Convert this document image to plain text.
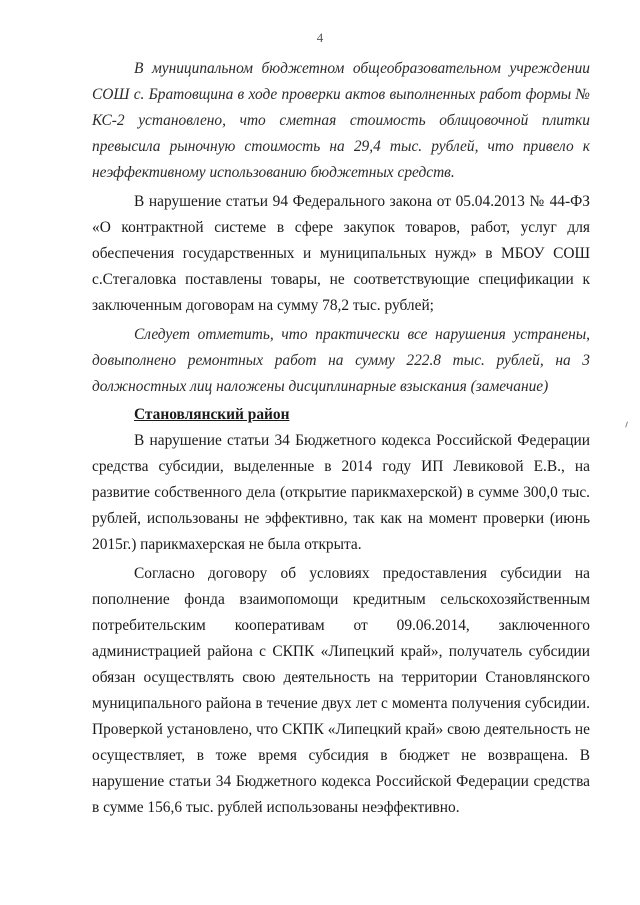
4

В муниципальном бюджетном общеобразовательном учреждении СОШ с. Братовщина в ходе проверки актов выполненных работ формы № КС-2 установлено, что сметная стоимость облицовочной плитки превысила рыночную стоимость на 29,4 тыс. рублей, что привело к неэффективному использованию бюджетных средств.

В нарушение статьи 94 Федерального закона от 05.04.2013 № 44-ФЗ «О контрактной системе в сфере закупок товаров, работ, услуг для обеспечения государственных и муниципальных нужд» в МБОУ СОШ с.Стегаловка поставлены товары, не соответствующие спецификации к заключенным договорам на сумму 78,2 тыс. рублей;

Следует отметить, что практически все нарушения устранены, довыполнено ремонтных работ на сумму 222.8 тыс. рублей, на 3 должностных лиц наложены дисциплинарные взыскания (замечание)

Становлянский район

В нарушение статьи 34 Бюджетного кодекса Российской Федерации средства субсидии, выделенные в 2014 году ИП Левиковой Е.В., на развитие собственного дела (открытие парикмахерской) в сумме 300,0 тыс. рублей, использованы не эффективно, так как на момент проверки (июнь 2015г.) парикмахерская не была открыта.

Согласно договору об условиях предоставления субсидии на пополнение фонда взаимопомощи кредитным сельскохозяйственным потребительским кооперативам от 09.06.2014, заключенного администрацией района с СКПК «Липецкий край», получатель субсидии обязан осуществлять свою деятельность на территории Становлянского муниципального района в течение двух лет с момента получения субсидии. Проверкой установлено, что СКПК «Липецкий край» свою деятельность не осуществляет, в тоже время субсидия в бюджет не возвращена. В нарушение статьи 34 Бюджетного кодекса Российской Федерации средства в сумме 156,6 тыс. рублей использованы неэффективно.
